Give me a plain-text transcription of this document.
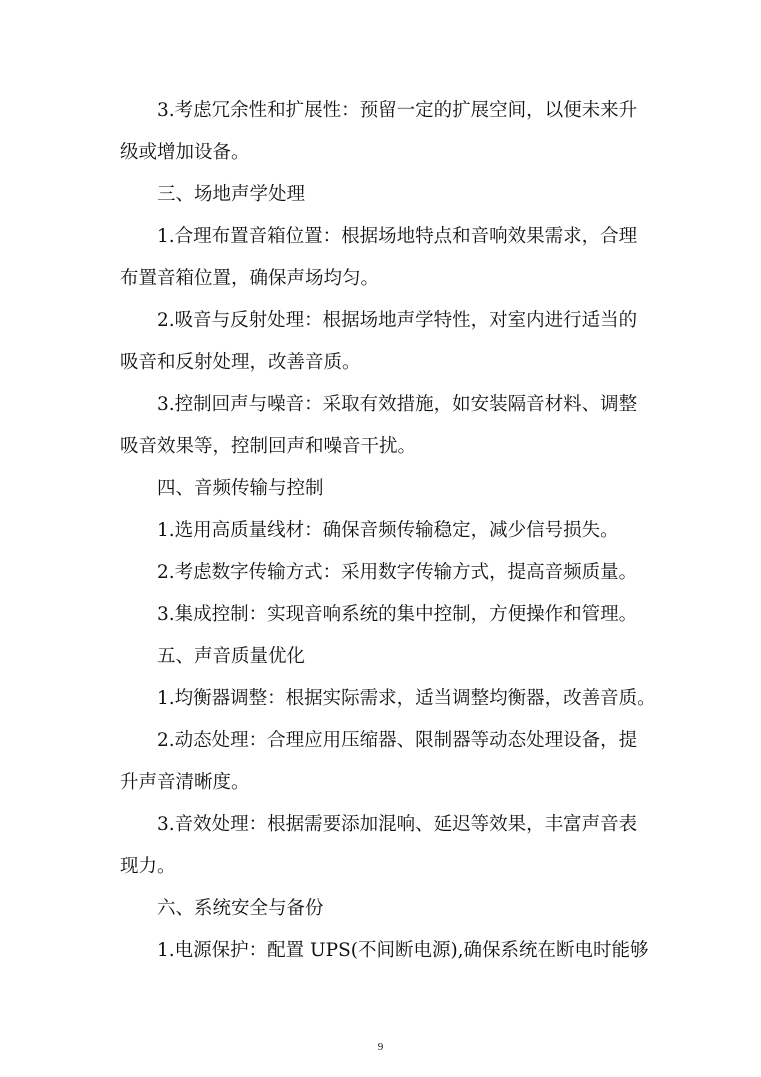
3.考虑冗余性和扩展性：预留一定的扩展空间，以便未来升

级或增加设备。

三、场地声学处理

1.合理布置音箱位置：根据场地特点和音响效果需求，合理

布置音箱位置，确保声场均匀。

2.吸音与反射处理：根据场地声学特性，对室内进行适当的

吸音和反射处理，改善音质。

3.控制回声与噪音：采取有效措施，如安装隔音材料、调整

吸音效果等，控制回声和噪音干扰。

四、音频传输与控制

1.选用高质量线材：确保音频传输稳定，减少信号损失。

2.考虑数字传输方式：采用数字传输方式，提高音频质量。

3.集成控制：实现音响系统的集中控制，方便操作和管理。

五、声音质量优化

1.均衡器调整：根据实际需求，适当调整均衡器，改善音质。

2.动态处理：合理应用压缩器、限制器等动态处理设备，提

升声音清晰度。

3.音效处理：根据需要添加混响、延迟等效果，丰富声音表

现力。

六、系统安全与备份

1.电源保护：配置 UPS(不间断电源),确保系统在断电时能够

9
